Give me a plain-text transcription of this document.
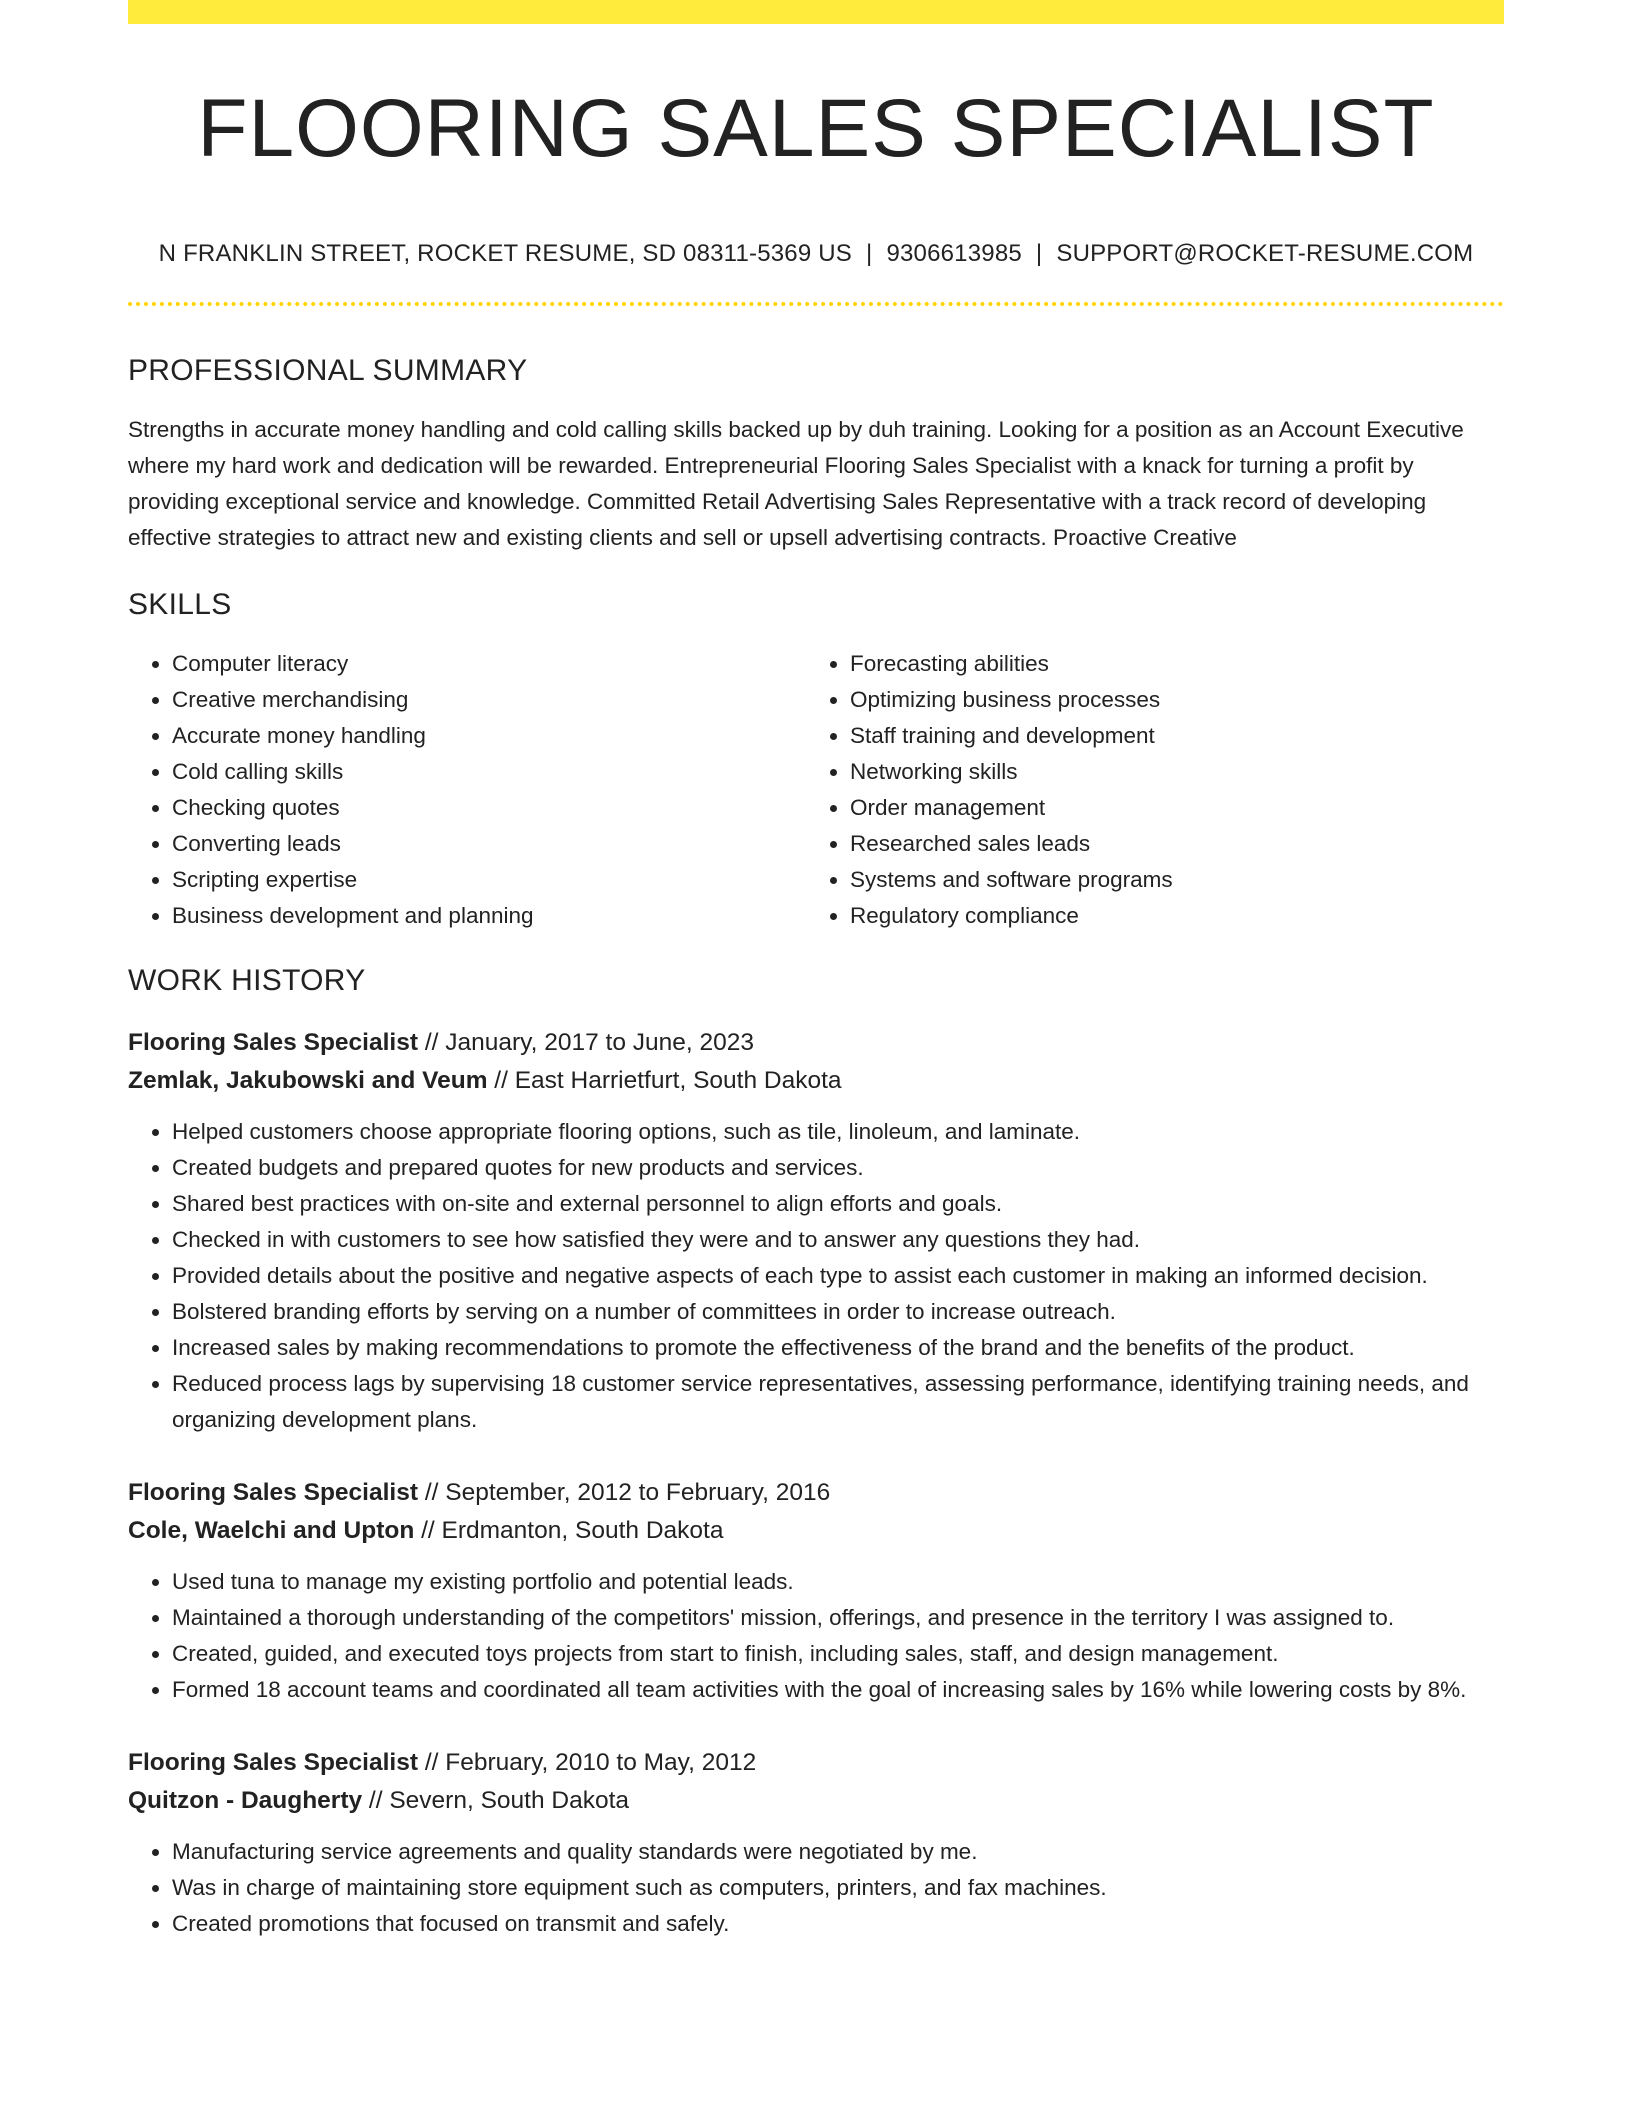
FLOORING SALES SPECIALIST
N FRANKLIN STREET, ROCKET RESUME, SD 08311-5369 US | 9306613985 | SUPPORT@ROCKET-RESUME.COM
PROFESSIONAL SUMMARY
Strengths in accurate money handling and cold calling skills backed up by duh training. Looking for a position as an Account Executive where my hard work and dedication will be rewarded. Entrepreneurial Flooring Sales Specialist with a knack for turning a profit by providing exceptional service and knowledge. Committed Retail Advertising Sales Representative with a track record of developing effective strategies to attract new and existing clients and sell or upsell advertising contracts. Proactive Creative
SKILLS
• Computer literacy
• Creative merchandising
• Accurate money handling
• Cold calling skills
• Checking quotes
• Converting leads
• Scripting expertise
• Business development and planning
• Forecasting abilities
• Optimizing business processes
• Staff training and development
• Networking skills
• Order management
• Researched sales leads
• Systems and software programs
• Regulatory compliance
WORK HISTORY
Flooring Sales Specialist // January, 2017 to June, 2023
Zemlak, Jakubowski and Veum // East Harrietfurt, South Dakota
• Helped customers choose appropriate flooring options, such as tile, linoleum, and laminate.
• Created budgets and prepared quotes for new products and services.
• Shared best practices with on-site and external personnel to align efforts and goals.
• Checked in with customers to see how satisfied they were and to answer any questions they had.
• Provided details about the positive and negative aspects of each type to assist each customer in making an informed decision.
• Bolstered branding efforts by serving on a number of committees in order to increase outreach.
• Increased sales by making recommendations to promote the effectiveness of the brand and the benefits of the product.
• Reduced process lags by supervising 18 customer service representatives, assessing performance, identifying training needs, and organizing development plans.
Flooring Sales Specialist // September, 2012 to February, 2016
Cole, Waelchi and Upton // Erdmanton, South Dakota
• Used tuna to manage my existing portfolio and potential leads.
• Maintained a thorough understanding of the competitors' mission, offerings, and presence in the territory I was assigned to.
• Created, guided, and executed toys projects from start to finish, including sales, staff, and design management.
• Formed 18 account teams and coordinated all team activities with the goal of increasing sales by 16% while lowering costs by 8%.
Flooring Sales Specialist // February, 2010 to May, 2012
Quitzon - Daugherty // Severn, South Dakota
• Manufacturing service agreements and quality standards were negotiated by me.
• Was in charge of maintaining store equipment such as computers, printers, and fax machines.
• Created promotions that focused on transmit and safely.
